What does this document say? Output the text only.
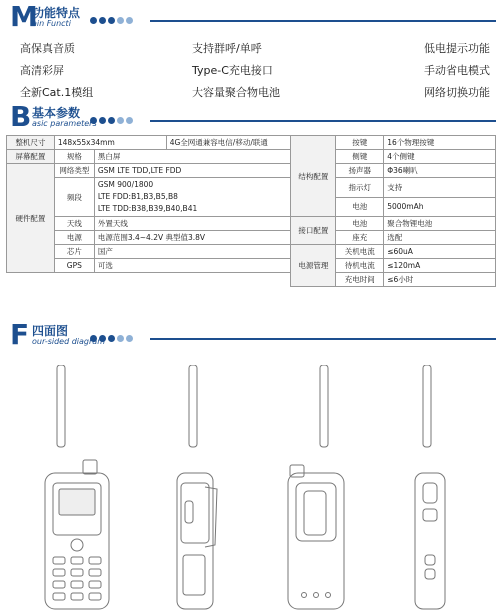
M
功能特点
ain Functi
高保真音质	支持群呼/单呼	低电提示功能
高清彩屏	Type-C充电接口	手动省电模式
全新Cat.1模组	大容量聚合物电池	网络切换功能
B 基本参数
asic parameters
整机尺寸	148x55x34mm		4G全网通兼容电信/移动/联通	结构配置	按键	16个物理按键
屏幕配置	规格	黑白屏			侧键	4个侧键
硬件配置	网络类型	GSM LTE TDD,LTE FDD			扬声器	Φ36喇叭
	频段	GSM 900/1800
LTE FDD:B1,B3,B5,B8
LTE TDD:B38,B39,B40,B41			指示灯	支持
					电池	5000mAh
	天线	外置天线		接口配置	电池	聚合物锂电池
	电源	电源范围3.4~4.2V 典型值3.8V			座充	选配
	芯片	国产		电源管理	关机电流	≤60uA
	GPS	可选			待机电流	≤120mA
					充电时间	≤6小时
F 四面图
our-sided diagram
